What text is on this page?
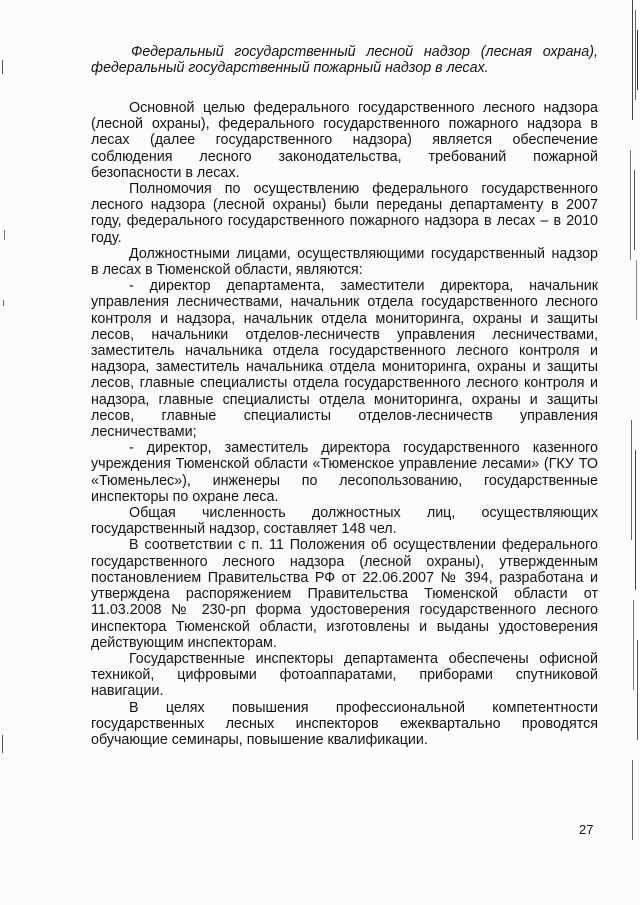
Федеральный государственный лесной надзор (лесная охрана), федеральный государственный пожарный надзор в лесах.

Основной целью федерального государственного лесного надзора (лесной охраны), федерального государственного пожарного надзора в лесах (далее государственного надзора) является обеспечение соблюдения лесного законодательства, требований пожарной безопасности в лесах.

Полномочия по осуществлению федерального государственного лесного надзора (лесной охраны) были переданы департаменту в 2007 году, федерального государственного пожарного надзора в лесах – в 2010 году.

Должностными лицами, осуществляющими государственный надзор в лесах в Тюменской области, являются:

- директор департамента, заместители директора, начальник управления лесничествами, начальник отдела государственного лесного контроля и надзора, начальник отдела мониторинга, охраны и защиты лесов, начальники отделов-лесничеств управления лесничествами, заместитель начальника отдела государственного лесного контроля и надзора, заместитель начальника отдела мониторинга, охраны и защиты лесов, главные специалисты отдела государственного лесного контроля и надзора, главные специалисты отдела мониторинга, охраны и защиты лесов, главные специалисты отделов-лесничеств управления лесничествами;

- директор, заместитель директора государственного казенного учреждения Тюменской области «Тюменское управление лесами» (ГКУ ТО «Тюменьлес»), инженеры по лесопользованию, государственные инспекторы по охране леса.

Общая численность должностных лиц, осуществляющих государственный надзор, составляет 148 чел.

В соответствии с п. 11 Положения об осуществлении федерального государственного лесного надзора (лесной охраны), утвержденным постановлением Правительства РФ от 22.06.2007 № 394, разработана и утверждена распоряжением Правительства Тюменской области от 11.03.2008 № 230-рп форма удостоверения государственного лесного инспектора Тюменской области, изготовлены и выданы удостоверения действующим инспекторам.

Государственные инспекторы департамента обеспечены офисной техникой, цифровыми фотоаппаратами, приборами спутниковой навигации.

В целях повышения профессиональной компетентности государственных лесных инспекторов ежеквартально проводятся обучающие семинары, повышение квалификации.

27
